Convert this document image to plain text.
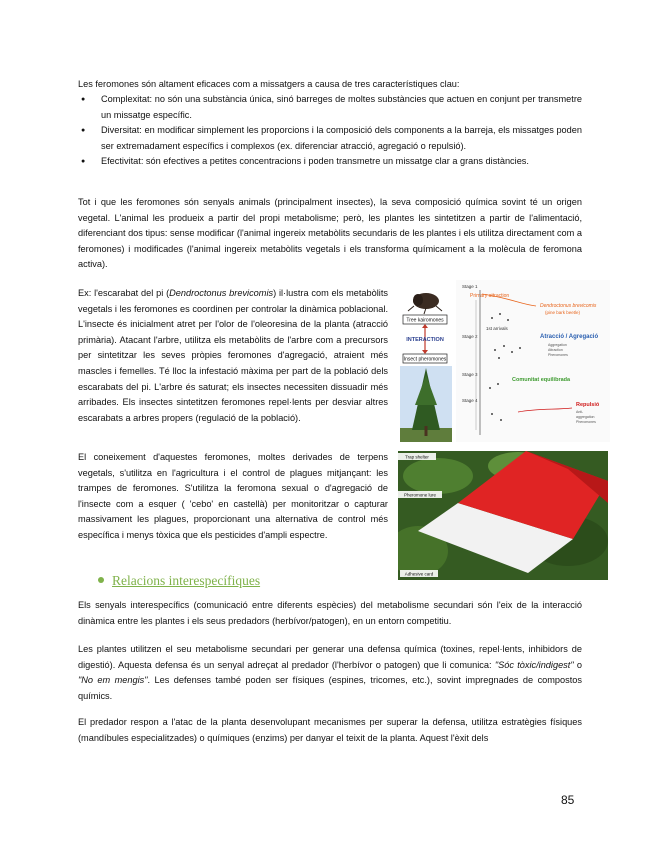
Les feromones són altament eficaces com a missatgers a causa de tres característiques clau:

● Complexitat: no són una substància única, sinó barreges de moltes substàncies que actuen en conjunt per transmetre un missatge específic.
● Diversitat: en modificar simplement les proporcions i la composició dels components a la barreja, els missatges poden ser extremadament específics i complexos (ex. diferenciar atracció, agregació o repulsió).
● Efectivitat: són efectives a petites concentracions i poden transmetre un missatge clar a grans distàncies.

Tot i que les feromones són senyals animals (principalment insectes), la seva composició química sovint té un origen vegetal. L'animal les produeix a partir del propi metabolisme; però, les plantes les sintetitzen a partir de l'alimentació, diferenciant dos tipus: sense modificar (l'animal ingereix metabòlits secundaris de les plantes i els utilitza directament com a feromones) i modificades (l'animal ingereix metabòlits vegetals i els transforma químicament a la molècula de feromona activa).

Ex: l'escarabat del pi (Dendroctonus brevicomis) il·lustra com els metabòlits vegetals i les feromones es coordinen per controlar la dinàmica poblacional. L'insecte és inicialment atret per l'olor de l'oleoresina de la planta (atracció primària). Atacant l'arbre, utilitza els metabòlits de l'arbre com a precursors per sintetitzar les seves pròpies feromones d'agregació, atraient més mascles i femelles. Té lloc la infestació màxima per part de la població dels escarabats del pi. L'arbre és saturat; els insectes necessiten dissuadir més arribades. Els insectes sintetitzen feromones repel·lents per desviar altres escarabats a arbres propers (regulació de la població).

Tree kairomones
INTERACTION
Insect pheromones
Stage 1
Stage 2
Stage 3
Stage 4
Primary attraction
Dendroctonus brevicomis
(pine bark beetle)
1st arrivals
Atracció / Agregació
Aggregation
Attraction
Pheromones
Comunitat equilibrada
Repulsió
Anti-
aggregation
Pheromones

El coneixement d'aquestes feromones, moltes derivades de terpens vegetals, s'utilitza en l'agricultura i el control de plagues mitjançant: les trampes de feromones. S'utilitza la feromona sexual o d'agregació de l'insecte com a esquer ( 'cebo' en castellà) per monitoritzar o capturar massivament les plagues, proporcionant una alternativa de control més específica i menys tòxica que els pesticides d'ampli espectre.

Trap shelter
Pheromone lure
Adhesive card
Relacions interespecífiques

Els senyals interespecífics (comunicació entre diferents espècies) del metabolisme secundari són l'eix de la interacció dinàmica entre les plantes i els seus predadors (herbívor/patogen), en un entorn competitiu.

Les plantes utilitzen el seu metabolisme secundari per generar una defensa química (toxines, repel·lents, inhibidors de digestió). Aquesta defensa és un senyal adreçat al predador (l'herbívor o patogen) que li comunica: "Sóc tòxic/indigest" o "No em mengis". Les defenses també poden ser físiques (espines, tricomes, etc.), sovint impregnades de compostos químics.

El predador respon a l'atac de la planta desenvolupant mecanismes per superar la defensa, utilitza estratègies físiques (mandíbules especialitzades) o químiques (enzims) per danyar el teixit de la planta. Aquest l'èxit dels

85
